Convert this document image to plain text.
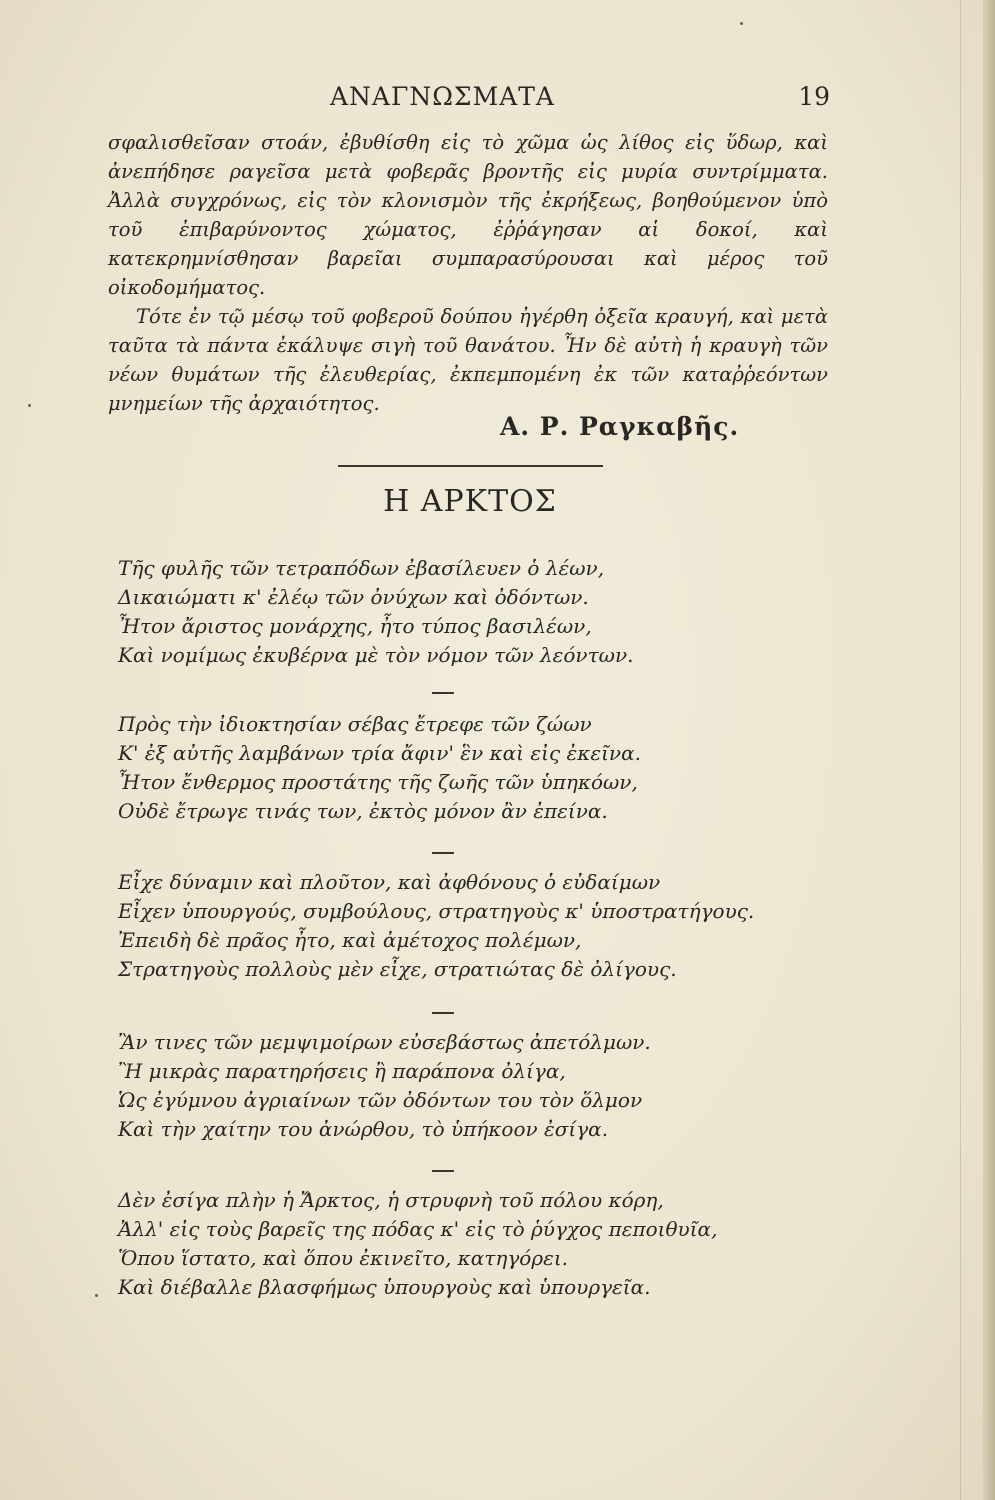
ΑΝΑΓΝΩΣΜΑΤΑ	19

σφαλισθεῖσαν στοάν, ἐβυθίσθη εἰς τὸ χῶμα ὡς λίθος εἰς ὕδωρ, καὶ ἀνεπήδησε ραγεῖσα μετὰ φοβερᾶς βροντῆς εἰς μυρία συντρίμματα. Ἀλλὰ συγχρόνως, εἰς τὸν κλονισμὸν τῆς ἐκρήξεως, βοηθούμενον ὑπὸ τοῦ ἐπιβαρύνοντος χώματος, ἐῤῥάγησαν αἱ δοκοί, καὶ κατεκρημνίσθησαν βαρεῖαι συμπαρασύρουσαι καὶ μέρος τοῦ οἰκοδομήματος.

Τότε ἐν τῷ μέσῳ τοῦ φοβεροῦ δούπου ἠγέρθη ὀξεῖα κραυγή, καὶ μετὰ ταῦτα τὰ πάντα ἐκάλυψε σιγὴ τοῦ θανάτου. Ἦν δὲ αὐτὴ ἡ κραυγὴ τῶν νέων θυμάτων τῆς ἐλευθερίας, ἐκπεμπομένη ἐκ τῶν καταῤῥεόντων μνημείων τῆς ἀρχαιότητος.

Α. Ρ. Ραγκαβῆς.
Η ΑΡΚΤΟΣ
Τῆς φυλῆς τῶν τετραπόδων ἐβασίλευεν ὁ λέων,
Δικαιώματι κ' ἐλέῳ τῶν ὀνύχων καὶ ὀδόντων.
Ἦτον ἄριστος μονάρχης, ἦτο τύπος βασιλέων,
Καὶ νομίμως ἐκυβέρνα μὲ τὸν νόμον τῶν λεόντων.
Πρὸς τὴν ἰδιοκτησίαν σέβας ἔτρεφε τῶν ζώων
Κ' ἐξ αὐτῆς λαμβάνων τρία ἄφιν' ἓν καὶ εἰς ἐκεῖνα.
Ἦτον ἔνθερμος προστάτης τῆς ζωῆς τῶν ὑπηκόων,
Οὐδὲ ἔτρωγε τινάς των, ἐκτὸς μόνον ἂν ἐπείνα.
Εἶχε δύναμιν καὶ πλοῦτον, καὶ ἀφθόνους ὁ εὐδαίμων
Εἶχεν ὑπουργούς, συμβούλους, στρατηγοὺς κ' ὑποστρατήγους.
Ἐπειδὴ δὲ πρᾶος ἦτο, καὶ ἀμέτοχος πολέμων,
Στρατηγοὺς πολλοὺς μὲν εἶχε, στρατιώτας δὲ ὀλίγους.
Ἂν τινες τῶν μεμψιμοίρων εὐσεβάστως ἀπετόλμων.
Ἢ μικρὰς παρατηρήσεις ἢ παράπονα ὀλίγα,
Ὡς ἐγύμνου ἀγριαίνων τῶν ὀδόντων του τὸν ὅλμον
Καὶ τὴν χαίτην του ἀνώρθου, τὸ ὑπήκοον ἐσίγα.
Δὲν ἐσίγα πλὴν ἡ Ἄρκτος, ἡ στρυφνὴ τοῦ πόλου κόρη,
Ἀλλ' εἰς τοὺς βαρεῖς της πόδας κ' εἰς τὸ ῥύγχος πεποιθυῖα,
Ὅπου ἵστατο, καὶ ὅπου ἐκινεῖτο, κατηγόρει.
Καὶ διέβαλλε βλασφήμως ὑπουργοὺς καὶ ὑπουργεῖα.
